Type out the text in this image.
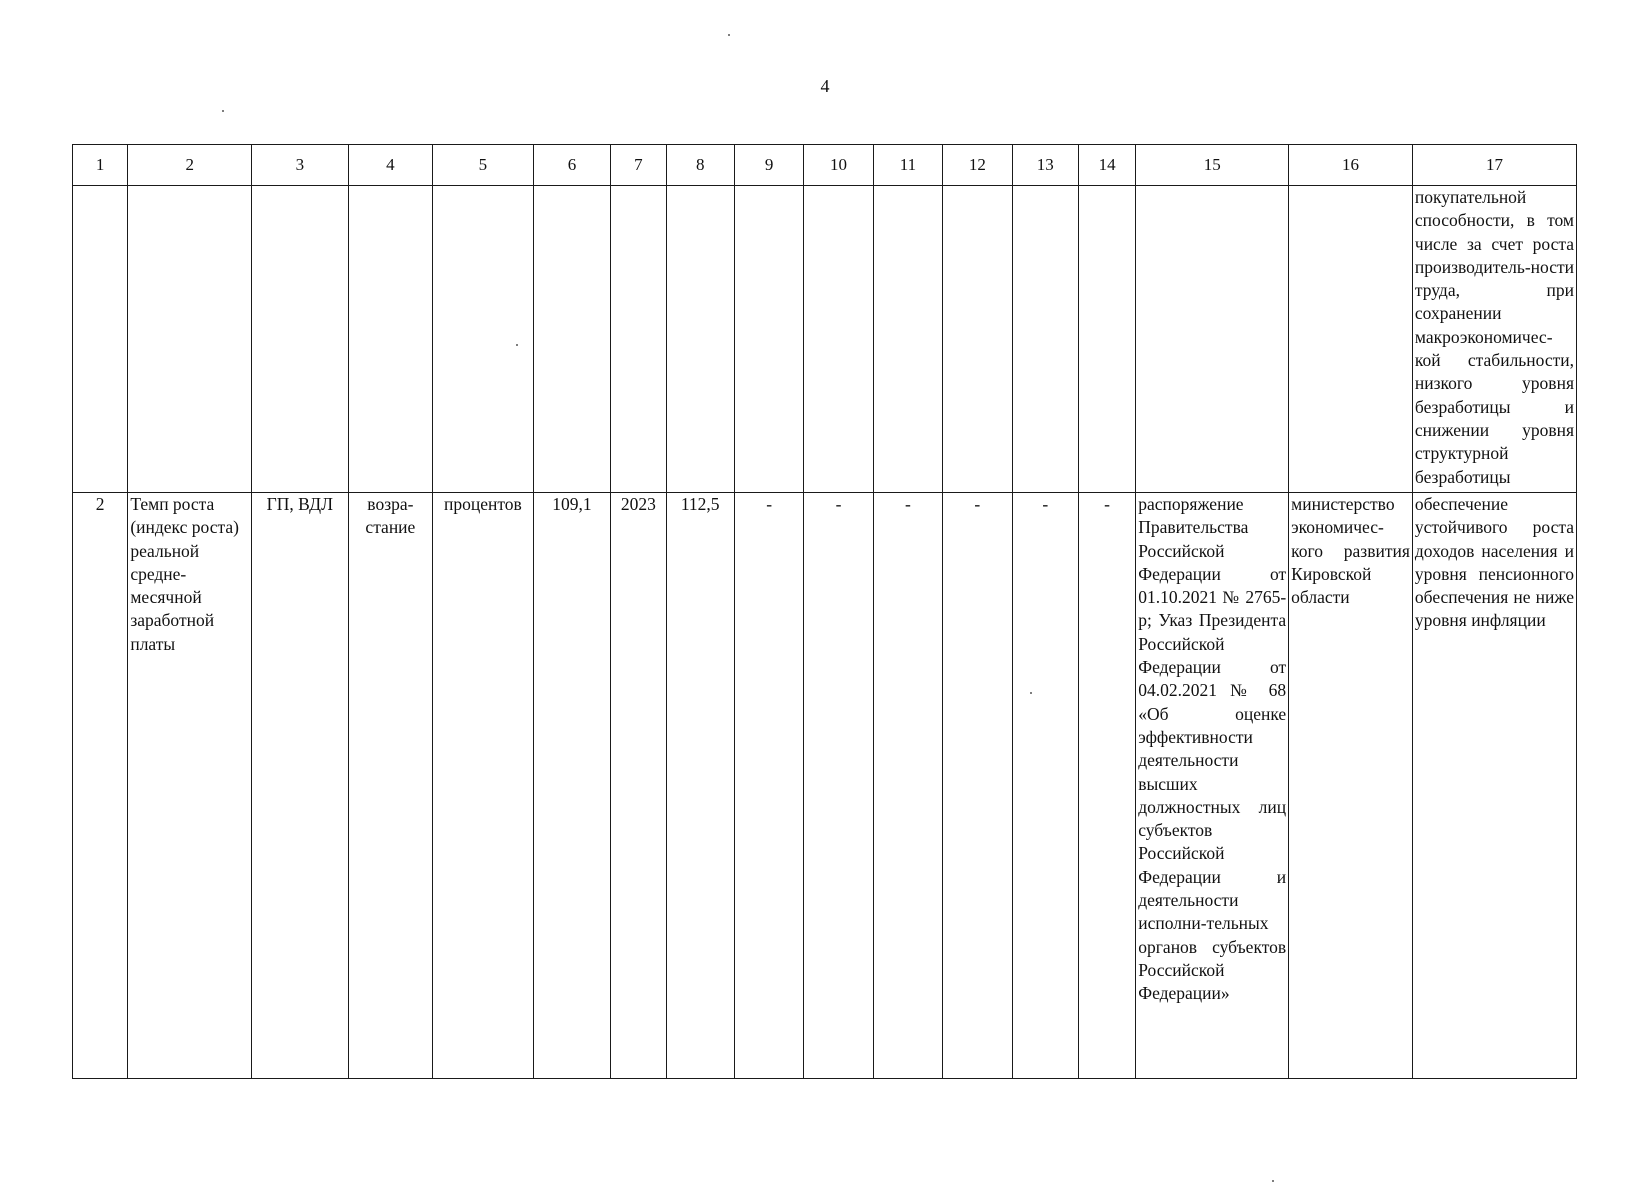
4
1	2	3	4	5	6	7	8	9	10	11	12	13	14	15	16	17
																покупательной способности, в том числе за счет роста производитель-ности труда, при сохранении макроэкономичес-кой стабильности, низкого уровня безработицы и снижении уровня структурной безработицы
2	Темп роста (индекс роста) реальной средне-месячной заработной платы	ГП, ВДЛ	возра-стание	процентов	109,1	2023	112,5	-	-	-	-	-	-	распоряжение Правительства Российской Федерации от 01.10.2021 № 2765-р; Указ Президента Российской Федерации от 04.02.2021 № 68 «Об оценке эффективности деятельности высших должностных лиц субъектов Российской Федерации и деятельности исполни-тельных органов субъектов Российской Федерации»	министерство экономичес-кого развития Кировской области	обеспечение устойчивого роста доходов населения и уровня пенсионного обеспечения не ниже уровня инфляции
